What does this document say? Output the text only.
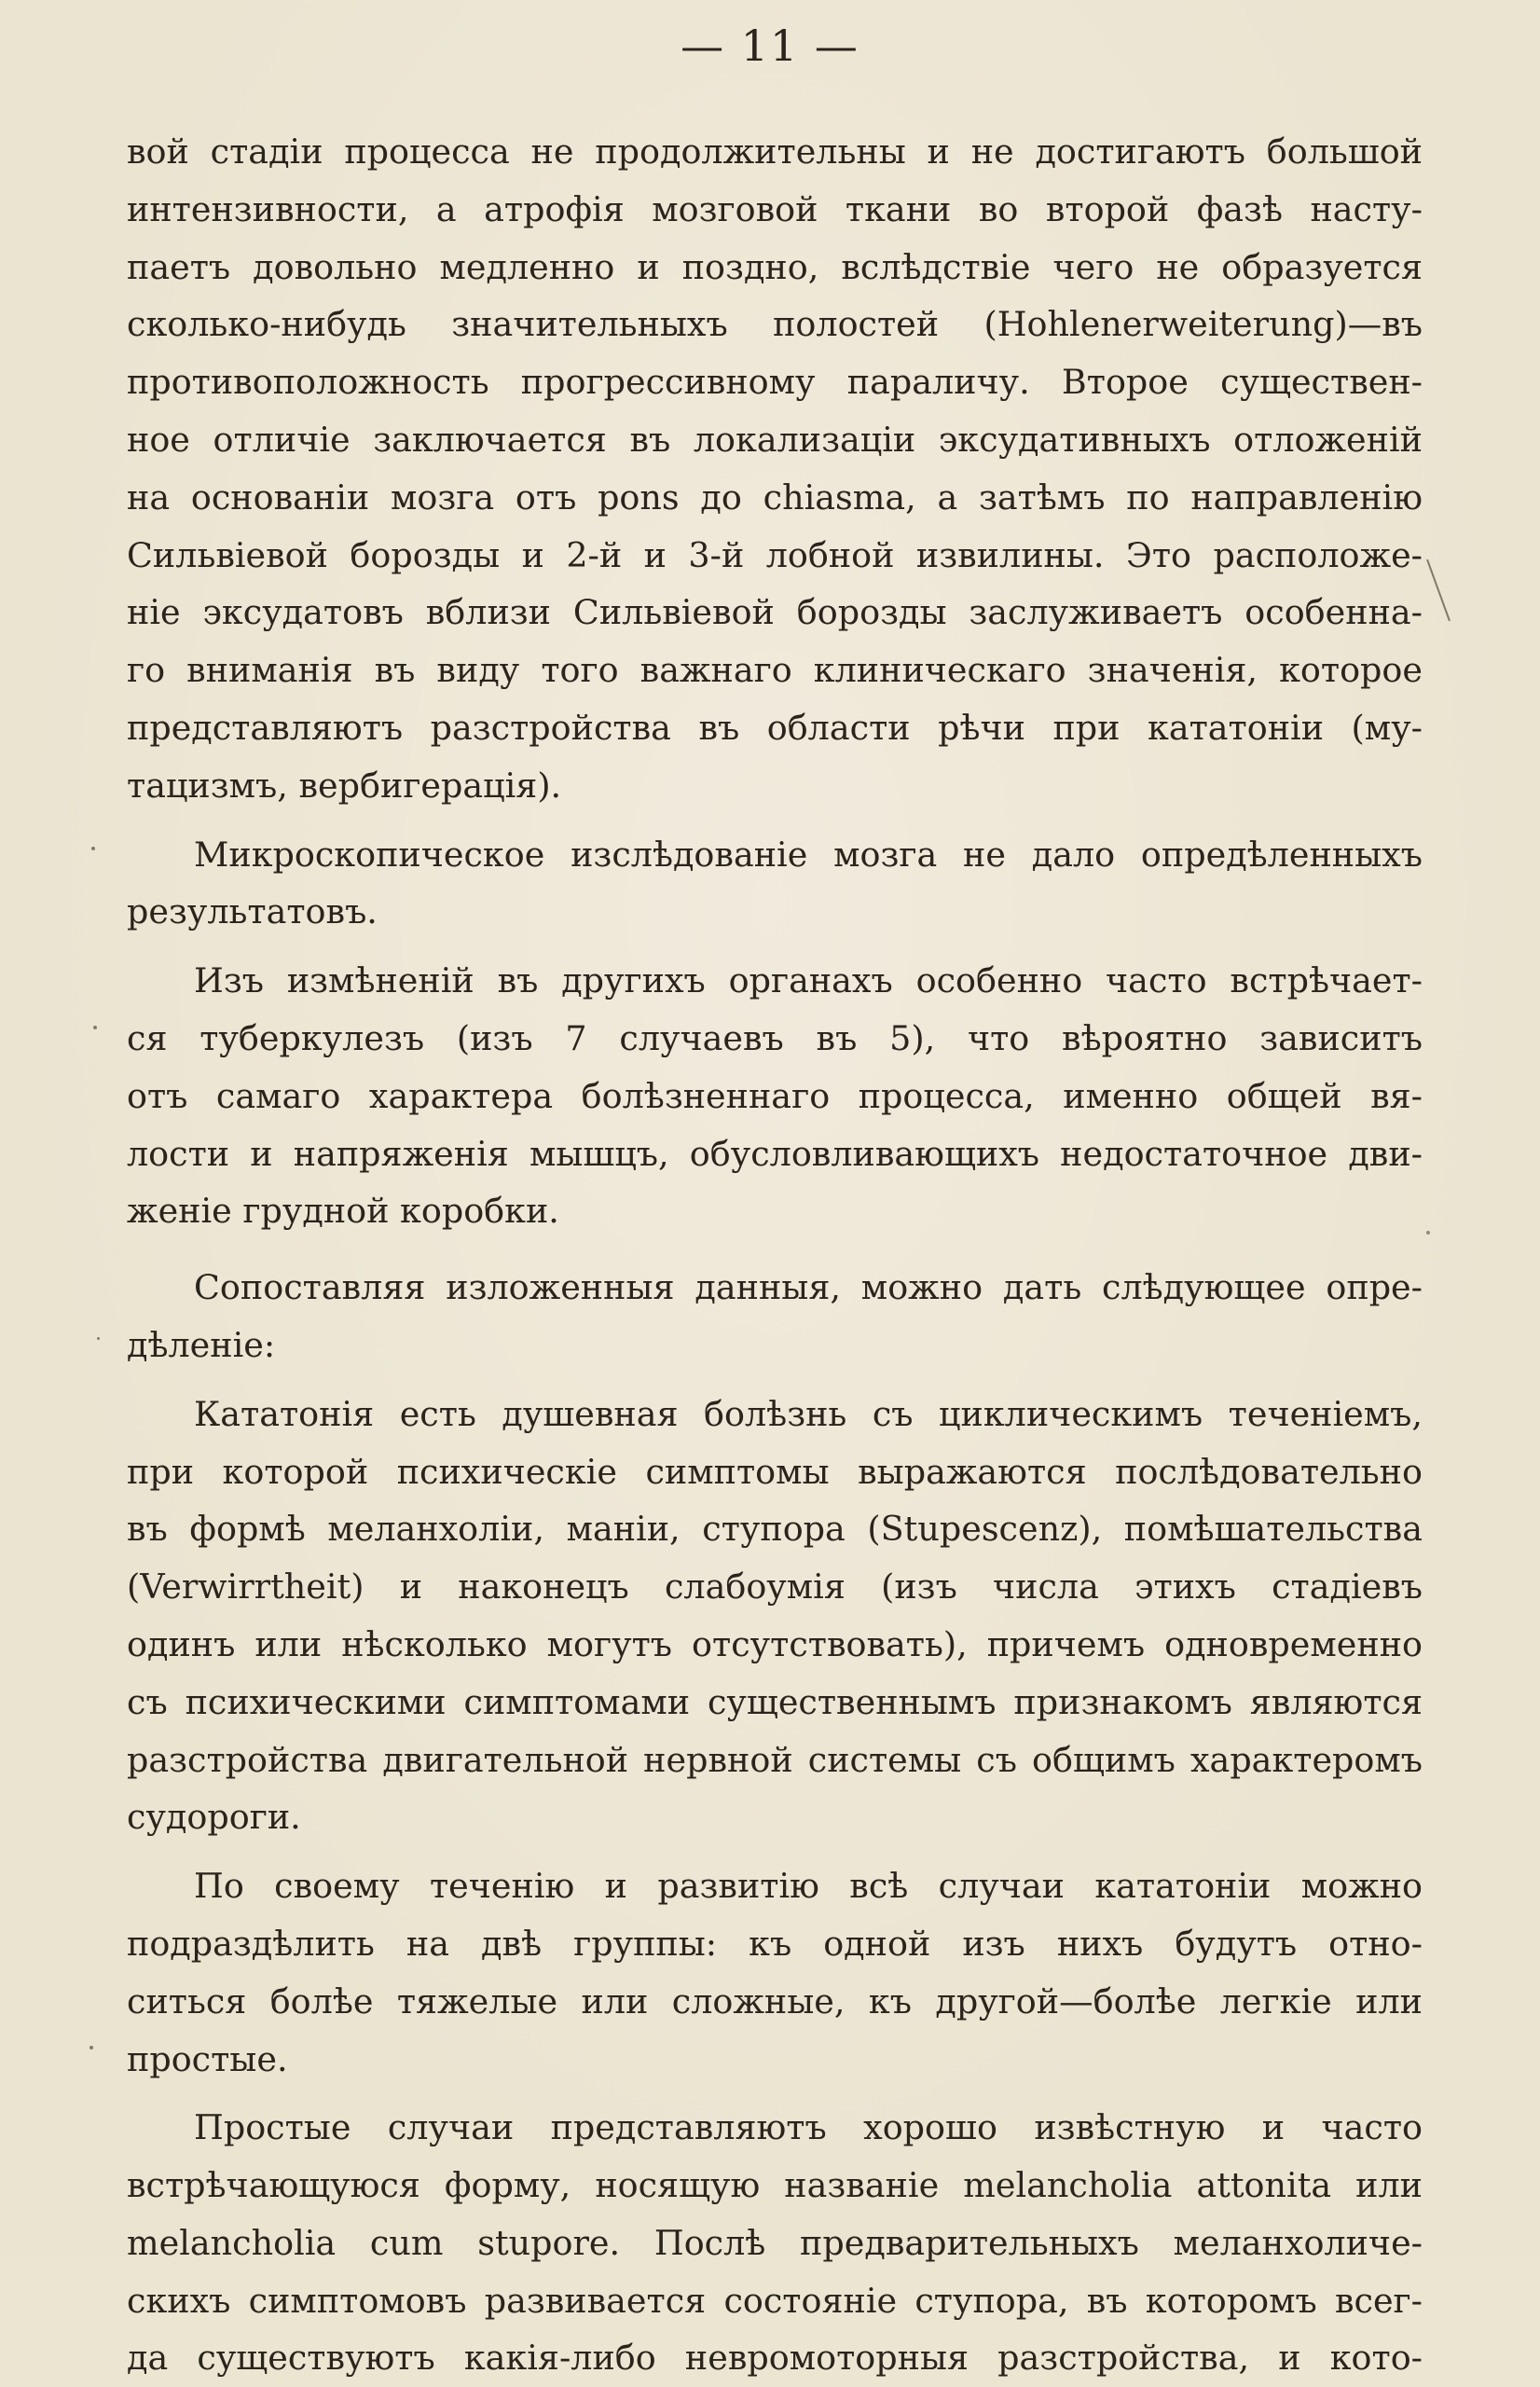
— 11 —
вой стадіи процесса не продолжительны и не достигаютъ большой
интензивности, а атрофія мозговой ткани во второй фазѣ насту-
паетъ довольно медленно и поздно, вслѣдствіе чего не образуется
сколько-нибудь значительныхъ полостей (Hohlenerweiterung)—въ
противоположность прогрессивному параличу. Второе существен-
ное отличіе заключается въ локализаціи эксудативныхъ отложеній
на основаніи мозга отъ pons до chiasma, а затѣмъ по направленію
Сильвіевой борозды и 2-й и 3-й лобной извилины. Это расположе-
ніе эксудатовъ вблизи Сильвіевой борозды заслуживаетъ особенна-
го вниманія въ виду того важнаго клиническаго значенія, которое
представляютъ разстройства въ области рѣчи при кататоніи (му-
тацизмъ, вербигерація).
Микроскопическое изслѣдованіе мозга не дало опредѣленныхъ
результатовъ.
Изъ измѣненій въ другихъ органахъ особенно часто встрѣчает-
ся туберкулезъ (изъ 7 случаевъ въ 5), что вѣроятно зависитъ
отъ самаго характера болѣзненнаго процесса, именно общей вя-
лости и напряженія мышцъ, обусловливающихъ недостаточное дви-
женіе грудной коробки.
Сопоставляя изложенныя данныя, можно дать слѣдующее опре-
дѣленіе:
Кататонія есть душевная болѣзнь съ циклическимъ теченіемъ,
при которой психическіе симптомы выражаются послѣдовательно
въ формѣ меланхоліи, маніи, ступора (Stupescenz), помѣшательства
(Verwirrtheit) и наконецъ слабоумія (изъ числа этихъ стадіевъ
одинъ или нѣсколько могутъ отсутствовать), причемъ одновременно
съ психическими симптомами существеннымъ признакомъ являются
разстройства двигательной нервной системы съ общимъ характеромъ
судороги.
По своему теченію и развитію всѣ случаи кататоніи можно
подраздѣлить на двѣ группы: къ одной изъ нихъ будутъ отно-
ситься болѣе тяжелые или сложные, къ другой—болѣе легкіе или
простые.
Простые случаи представляютъ хорошо извѣстную и часто
встрѣчающуюся форму, носящую названіе melancholia attonita или
melancholia cum stupore. Послѣ предварительныхъ меланхоличе-
скихъ симптомовъ развивается состояніе ступора, въ которомъ всег-
да существуютъ какія-либо невромоторныя разстройства, и кото-
